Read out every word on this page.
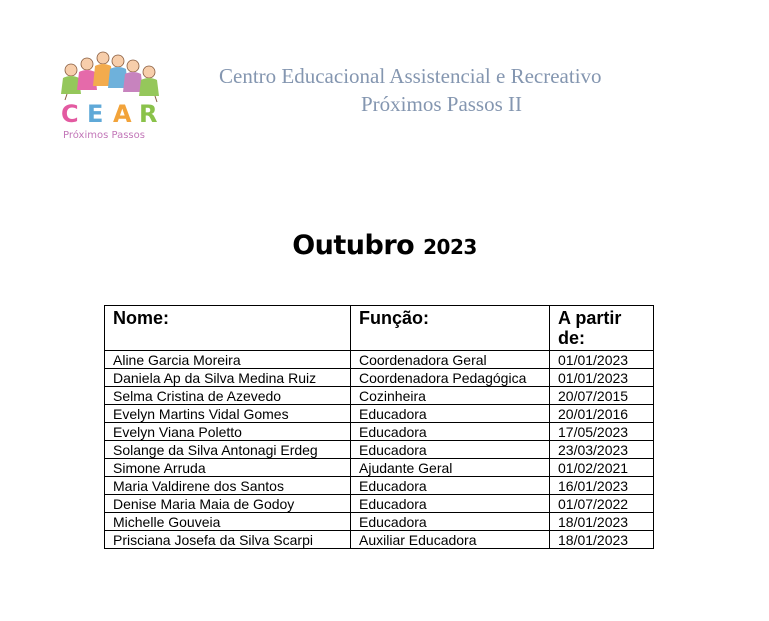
C E A R
Próximos Passos
Centro Educacional Assistencial e Recreativo
Próximos Passos II
Outubro 2023
Nome:	Função:	A partir
de:
Aline Garcia Moreira	Coordenadora Geral	01/01/2023
Daniela Ap da Silva Medina Ruiz	Coordenadora Pedagógica	01/01/2023
Selma Cristina de Azevedo	Cozinheira	20/07/2015
Evelyn Martins Vidal Gomes	Educadora	20/01/2016
Evelyn Viana Poletto	Educadora	17/05/2023
Solange da Silva Antonagi Erdeg	Educadora	23/03/2023
Simone Arruda	Ajudante Geral	01/02/2021
Maria Valdirene dos Santos	Educadora	16/01/2023
Denise Maria Maia de Godoy	Educadora	01/07/2022
Michelle Gouveia	Educadora	18/01/2023
Prisciana Josefa da Silva Scarpi	Auxiliar Educadora	18/01/2023
